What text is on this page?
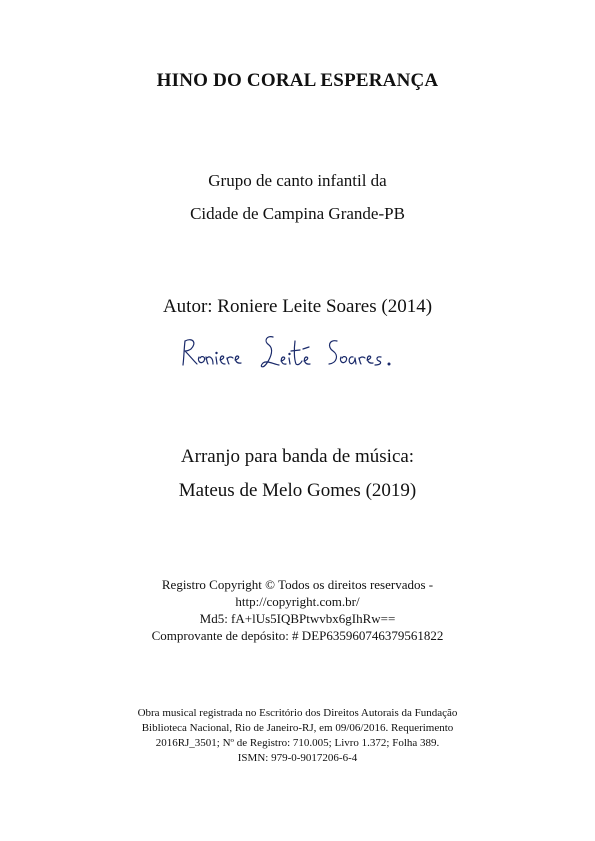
HINO DO CORAL ESPERANÇA
Grupo de canto infantil da
Cidade de Campina Grande-PB
Autor: Roniere Leite Soares (2014)
Arranjo para banda de música:
Mateus de Melo Gomes (2019)
Registro Copyright © Todos os direitos reservados -
http://copyright.com.br/
Md5: fA+lUs5IQBPtwvbx6gIhRw==
Comprovante de depósito: # DEP635960746379561822
Obra musical registrada no Escritório dos Direitos Autorais da Fundação
Biblioteca Nacional, Rio de Janeiro-RJ, em 09/06/2016. Requerimento
2016RJ_3501; Nº de Registro: 710.005; Livro 1.372; Folha 389.
ISMN: 979-0-9017206-6-4
